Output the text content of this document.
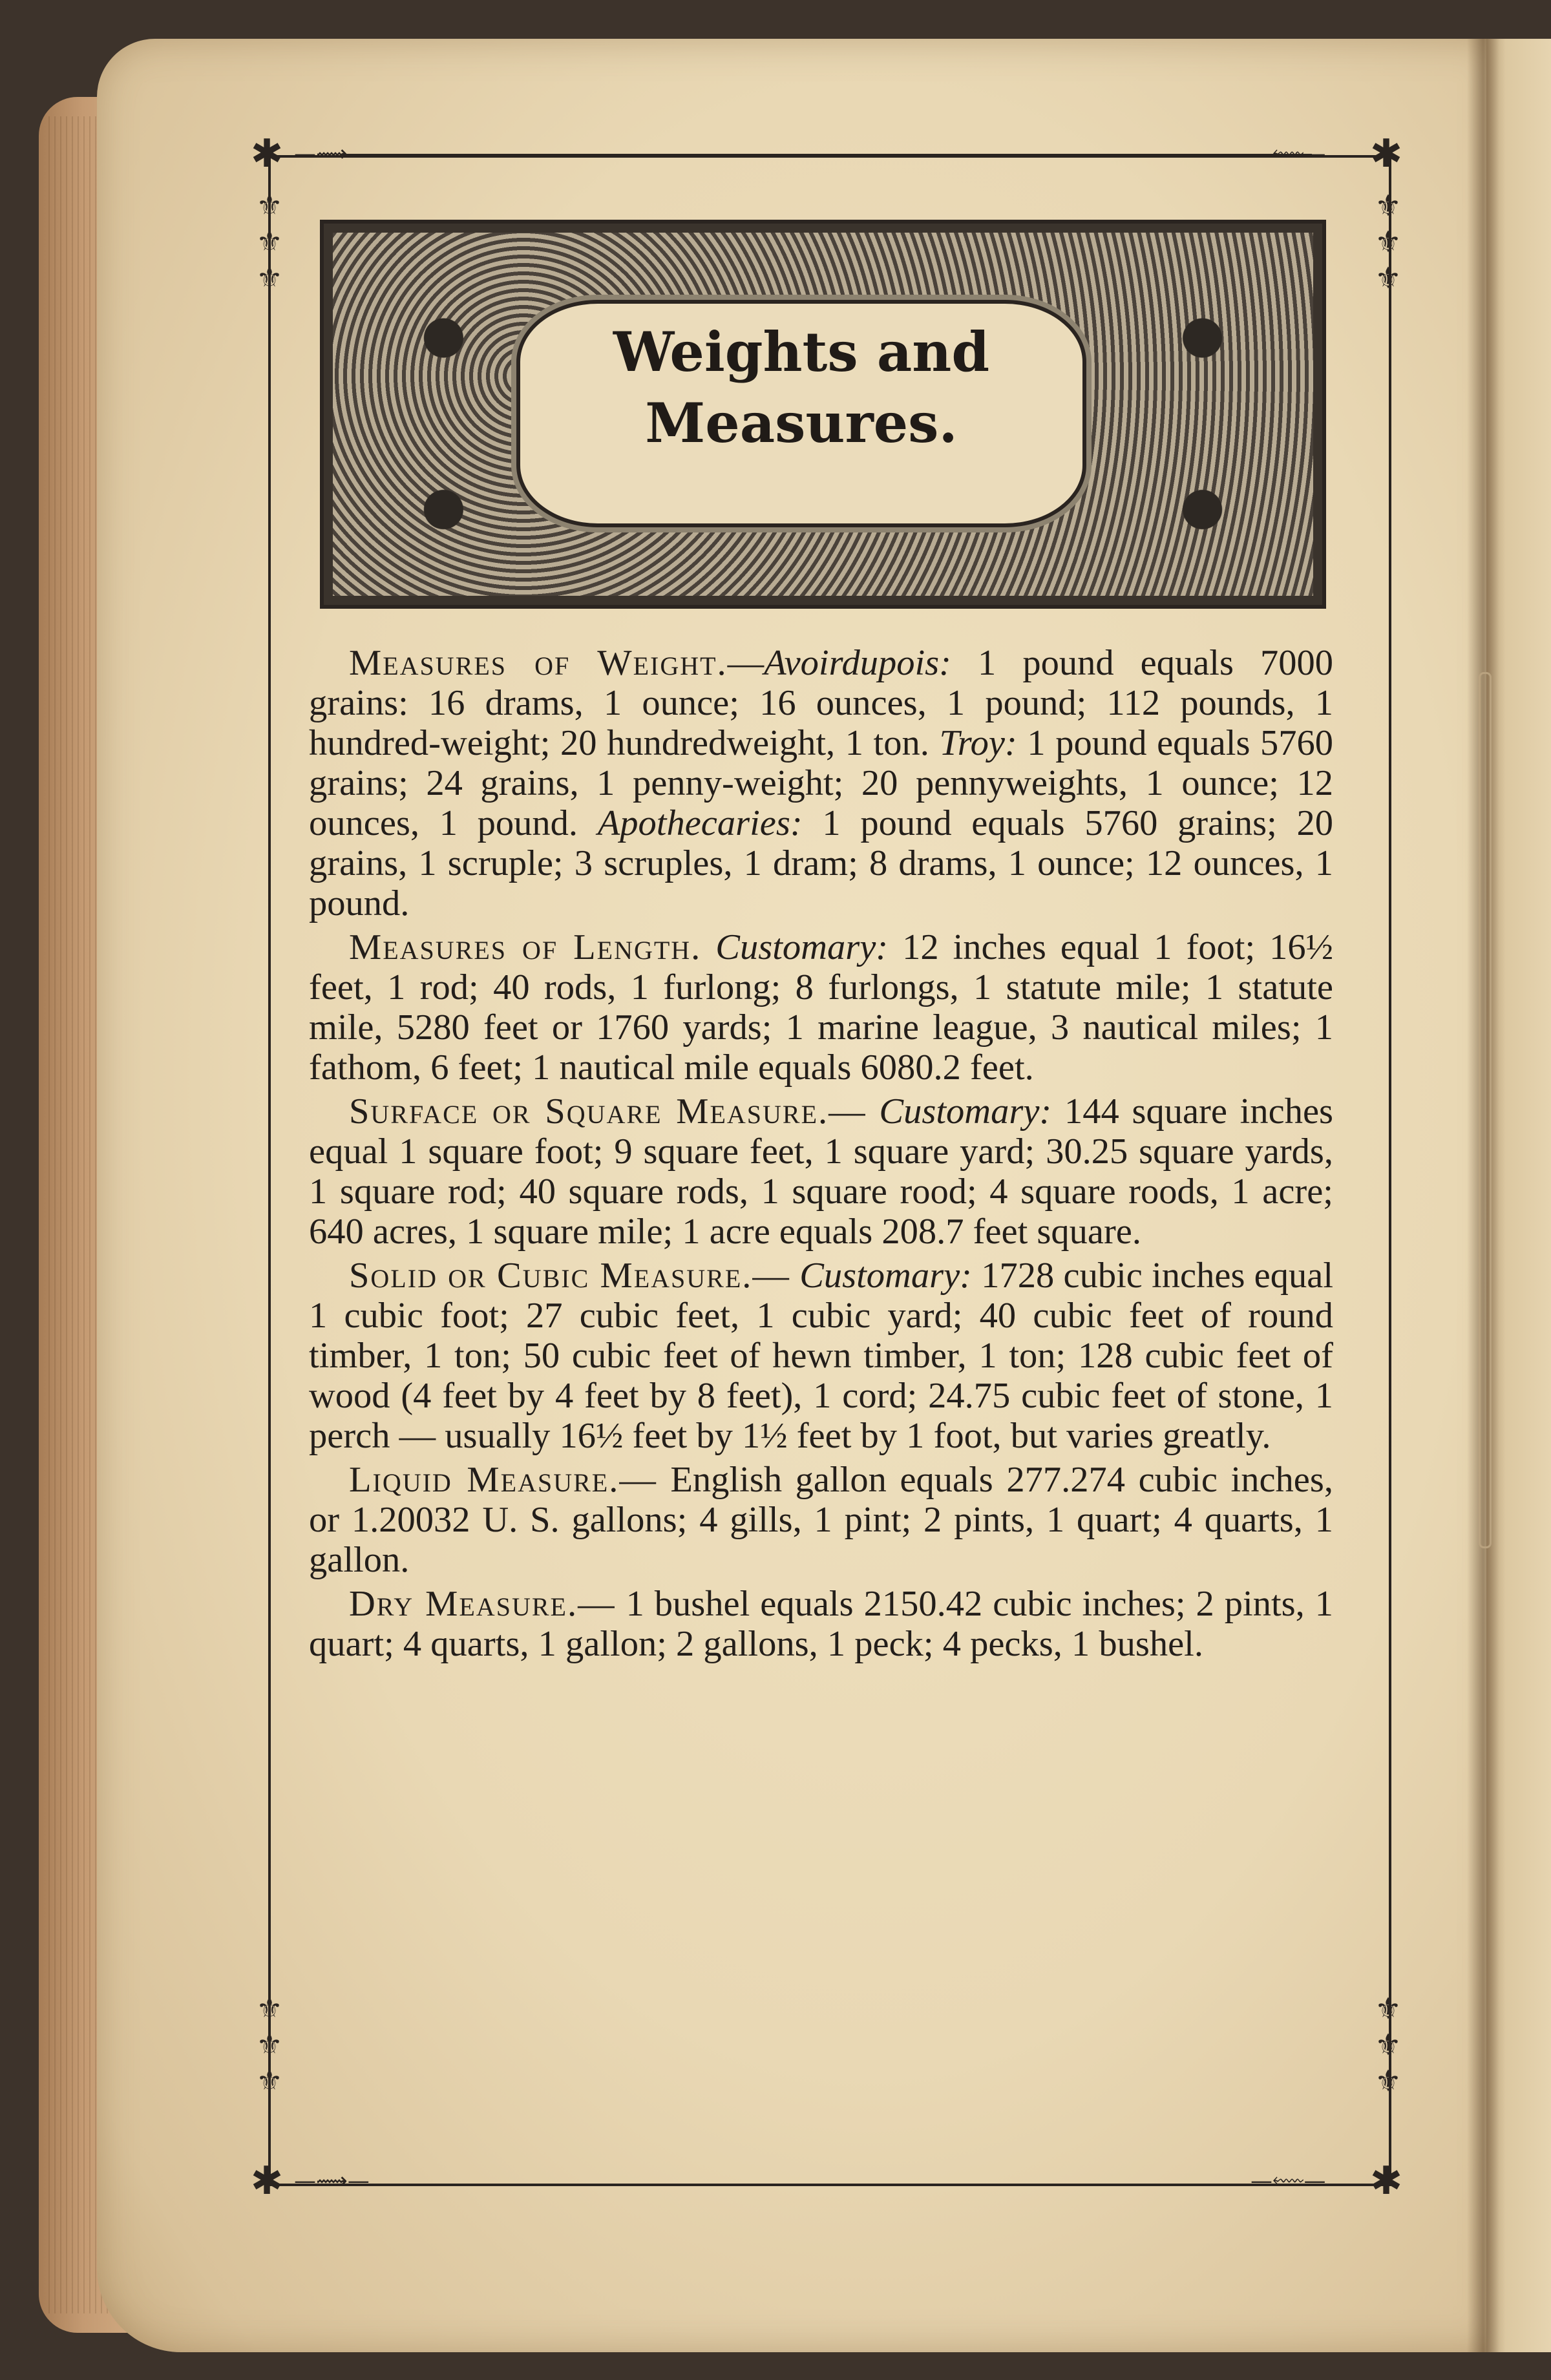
✱	✱
✱	✱
—⟿—	—⬳—
—⟿—	—⬳—
⚜
⚜
⚜
⚜
⚜
⚜
⚜
⚜
⚜
⚜
⚜
⚜
Weights and
Measures.

Measures of Weight.—Avoirdupois: 1 pound equals 7000 grains: 16 drams, 1 ounce; 16 ounces, 1 pound; 112 pounds, 1 hundred-weight; 20 hundredweight, 1 ton. Troy: 1 pound equals 5760 grains; 24 grains, 1 penny-weight; 20 pennyweights, 1 ounce; 12 ounces, 1 pound. Apothecaries: 1 pound equals 5760 grains; 20 grains, 1 scruple; 3 scruples, 1 dram; 8 drams, 1 ounce; 12 ounces, 1 pound.

Measures of Length. Customary: 12 inches equal 1 foot; 16½ feet, 1 rod; 40 rods, 1 furlong; 8 furlongs, 1 statute mile; 1 statute mile, 5280 feet or 1760 yards; 1 marine league, 3 nautical miles; 1 fathom, 6 feet; 1 nautical mile equals 6080.2 feet.

Surface or Square Measure.— Customary: 144 square inches equal 1 square foot; 9 square feet, 1 square yard; 30.25 square yards, 1 square rod; 40 square rods, 1 square rood; 4 square roods, 1 acre; 640 acres, 1 square mile; 1 acre equals 208.7 feet square.

Solid or Cubic Measure.— Customary: 1728 cubic inches equal 1 cubic foot; 27 cubic feet, 1 cubic yard; 40 cubic feet of round timber, 1 ton; 50 cubic feet of hewn timber, 1 ton; 128 cubic feet of wood (4 feet by 4 feet by 8 feet), 1 cord; 24.75 cubic feet of stone, 1 perch — usually 16½ feet by 1½ feet by 1 foot, but varies greatly.

Liquid Measure.— English gallon equals 277.274 cubic inches, or 1.20032 U. S. gallons; 4 gills, 1 pint; 2 pints, 1 quart; 4 quarts, 1 gallon.

Dry Measure.— 1 bushel equals 2150.42 cubic inches; 2 pints, 1 quart; 4 quarts, 1 gallon; 2 gallons, 1 peck; 4 pecks, 1 bushel.
